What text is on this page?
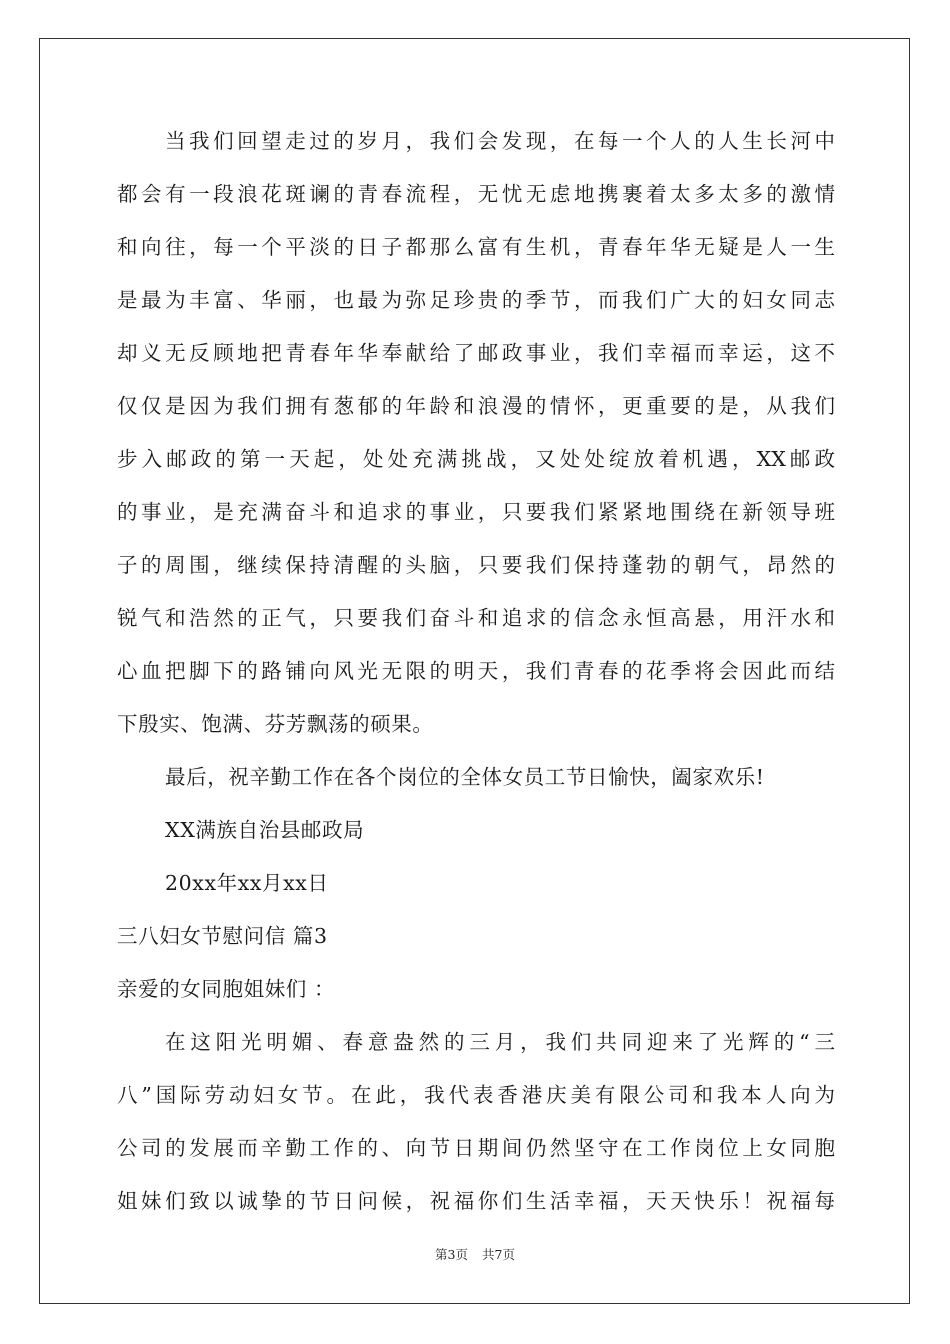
当我们回望走过的岁月，我们会发现，在每一个人的人生长河中
都会有一段浪花斑谰的青春流程，无忧无虑地携裹着太多太多的激情
和向往，每一个平淡的日子都那么富有生机，青春年华无疑是人一生
是最为丰富、华丽，也最为弥足珍贵的季节，而我们广大的妇女同志
却义无反顾地把青春年华奉献给了邮政事业，我们幸福而幸运，这不
仅仅是因为我们拥有葱郁的年龄和浪漫的情怀，更重要的是，从我们
步入邮政的第一天起，处处充满挑战，又处处绽放着机遇，XX邮政
的事业，是充满奋斗和追求的事业，只要我们紧紧地围绕在新领导班
子的周围，继续保持清醒的头脑，只要我们保持蓬勃的朝气，昂然的
锐气和浩然的正气，只要我们奋斗和追求的信念永恒高悬，用汗水和
心血把脚下的路铺向风光无限的明天，我们青春的花季将会因此而结
下殷实、饱满、芬芳飘荡的硕果。
最后，祝辛勤工作在各个岗位的全体女员工节日愉快，阖家欢乐!
XX满族自治县邮政局
20xx年xx月xx日
三八妇女节慰问信 篇3
亲爱的女同胞姐妹们 ：
在这阳光明媚、春意盎然的三月，我们共同迎来了光辉的“三
八”国际劳动妇女节。在此，我代表香港庆美有限公司和我本人向为
公司的发展而辛勤工作的、向节日期间仍然坚守在工作岗位上女同胞
姐妹们致以诚挚的节日问候，祝福你们生活幸福，天天快乐！祝福每
第3页 共7页
